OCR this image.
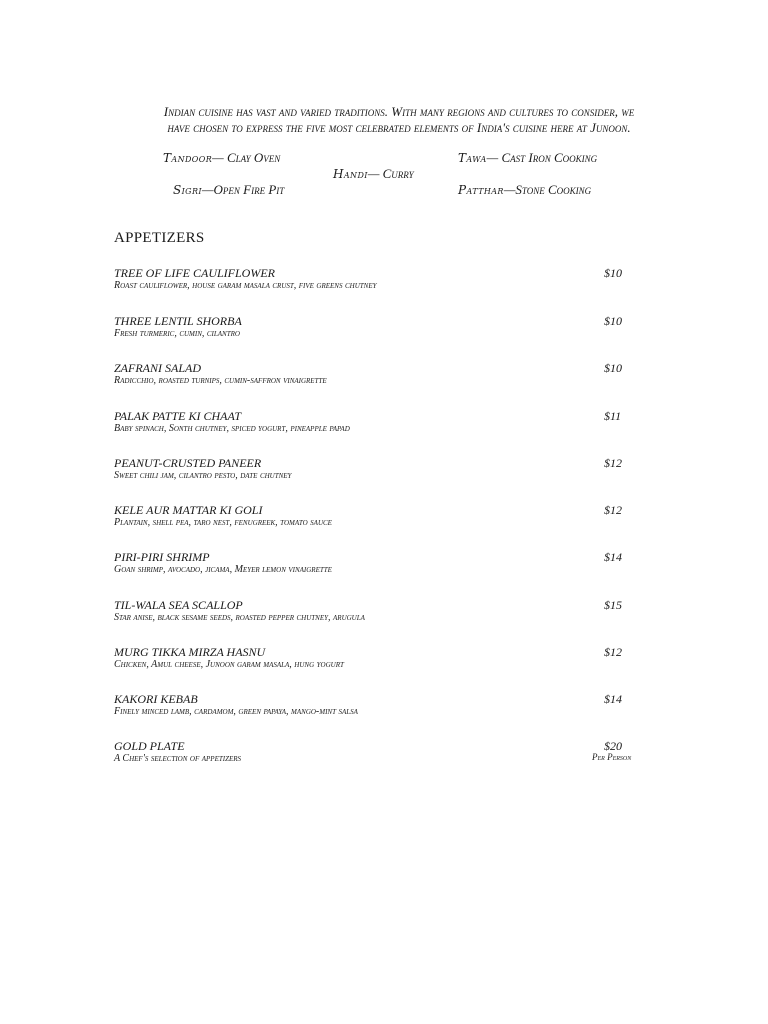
Indian cuisine has vast and varied traditions. With many regions and cultures to consider, we
have chosen to express the five most celebrated elements of India's cuisine here at Junoon.
Tandoor— Clay Oven	Tawa— Cast Iron Cooking
Handi— Curry
Sigri—Open Fire Pit	Patthar—Stone Cooking
APPETIZERS
TREE OF LIFE CAULIFLOWER
Roast cauliflower, house garam masala crust, five greens chutney
$10
THREE LENTIL SHORBA
Fresh turmeric, cumin, cilantro
$10
ZAFRANI SALAD
Radicchio, roasted turnips, cumin-saffron vinaigrette
$10
PALAK PATTE KI CHAAT
Baby spinach, Sonth chutney, spiced yogurt, pineapple papad
$11
PEANUT-CRUSTED PANEER
Sweet chili jam, cilantro pesto, date chutney
$12
KELE AUR MATTAR KI GOLI
Plantain, shell pea, taro nest, fenugreek, tomato sauce
$12
PIRI-PIRI SHRIMP
Goan shrimp, avocado, jicama, Meyer lemon vinaigrette
$14
TIL-WALA SEA SCALLOP
Star anise, black sesame seeds, roasted pepper chutney, arugula
$15
MURG TIKKA MIRZA HASNU
Chicken, Amul cheese, Junoon garam masala, hung yogurt
$12
KAKORI KEBAB
Finely minced lamb, cardamom, green papaya, mango-mint salsa
$14
GOLD PLATE
A Chef's selection of appetizers
$20
Per Person
